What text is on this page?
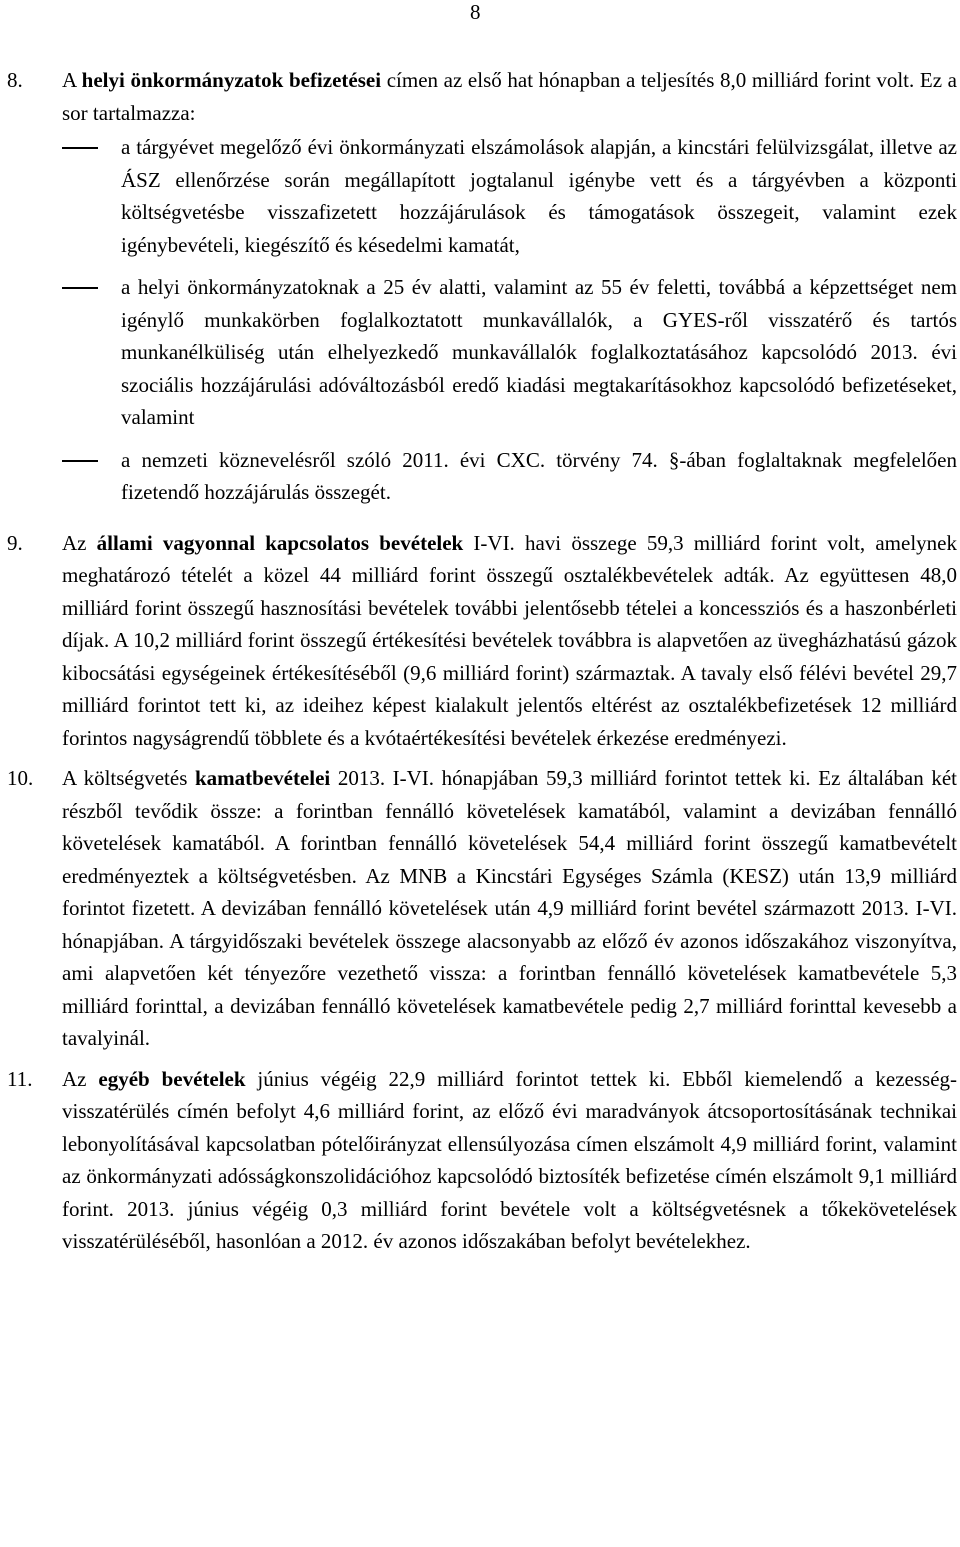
8
8.	A helyi önkormányzatok befizetései címen az első hat hónapban a teljesítés 8,0 milliárd forint volt. Ez a sor tartalmazza:
a tárgyévet megelőző évi önkormányzati elszámolások alapján, a kincstári felülvizsgálat, illetve az ÁSZ ellenőrzése során megállapított jogtalanul igénybe vett és a tárgyévben a központi költségvetésbe visszafizetett hozzájárulások és támogatások összegeit, valamint ezek igénybevételi, kiegészítő és késedelmi kamatát,
a helyi önkormányzatoknak a 25 év alatti, valamint az 55 év feletti, továbbá a képzettséget nem igénylő munkakörben foglalkoztatott munkavállalók, a GYES-ről visszatérő és tartós munkanélküliség után elhelyezkedő munkavállalók foglalkoztatásához kapcsolódó 2013. évi szociális hozzájárulási adóváltozásból eredő kiadási megtakarításokhoz kapcsolódó befizetéseket, valamint
a nemzeti köznevelésről szóló 2011. évi CXC. törvény 74. §-ában foglaltaknak megfelelően fizetendő hozzájárulás összegét.
9.	Az állami vagyonnal kapcsolatos bevételek I-VI. havi összege 59,3 milliárd forint volt, amelynek meghatározó tételét a közel 44 milliárd forint összegű osztalékbevételek adták. Az együttesen 48,0 milliárd forint összegű hasznosítási bevételek további jelentősebb tételei a koncessziós és a haszonbérleti díjak. A 10,2 milliárd forint összegű értékesítési bevételek továbbra is alapvetően az üvegházhatású gázok kibocsátási egységeinek értékesítéséből (9,6 milliárd forint) származtak. A tavaly első félévi bevétel 29,7 milliárd forintot tett ki, az ideihez képest kialakult jelentős eltérést az osztalékbefizetések 12 milliárd forintos nagyságrendű többlete és a kvótaértékesítési bevételek érkezése eredményezi.
10.	A költségvetés kamatbevételei 2013. I-VI. hónapjában 59,3 milliárd forintot tettek ki. Ez általában két részből tevődik össze: a forintban fennálló követelések kamatából, valamint a devizában fennálló követelések kamatából. A forintban fennálló követelések 54,4 milliárd forint összegű kamatbevételt eredményeztek a költségvetésben. Az MNB a Kincstári Egységes Számla (KESZ) után 13,9 milliárd forintot fizetett. A devizában fennálló követelések után 4,9 milliárd forint bevétel származott 2013. I-VI. hónapjában. A tárgyidőszaki bevételek összege alacsonyabb az előző év azonos időszakához viszonyítva, ami alapvetően két tényezőre vezethető vissza: a forintban fennálló követelések kamatbevétele 5,3 milliárd forinttal, a devizában fennálló követelések kamatbevétele pedig 2,7 milliárd forinttal kevesebb a tavalyinál.
11.	Az egyéb bevételek június végéig 22,9 milliárd forintot tettek ki. Ebből kiemelendő a kezesség-visszatérülés címén befolyt 4,6 milliárd forint, az előző évi maradványok átcsoportosításának technikai lebonyolításával kapcsolatban pótelőirányzat ellensúlyozása címen elszámolt 4,9 milliárd forint, valamint az önkormányzati adósságkonszolidációhoz kapcsolódó biztosíték befizetése címén elszámolt 9,1 milliárd forint. 2013. június végéig 0,3 milliárd forint bevétele volt a költségvetésnek a tőkekövetelések visszatérüléséből, hasonlóan a 2012. év azonos időszakában befolyt bevételekhez.
